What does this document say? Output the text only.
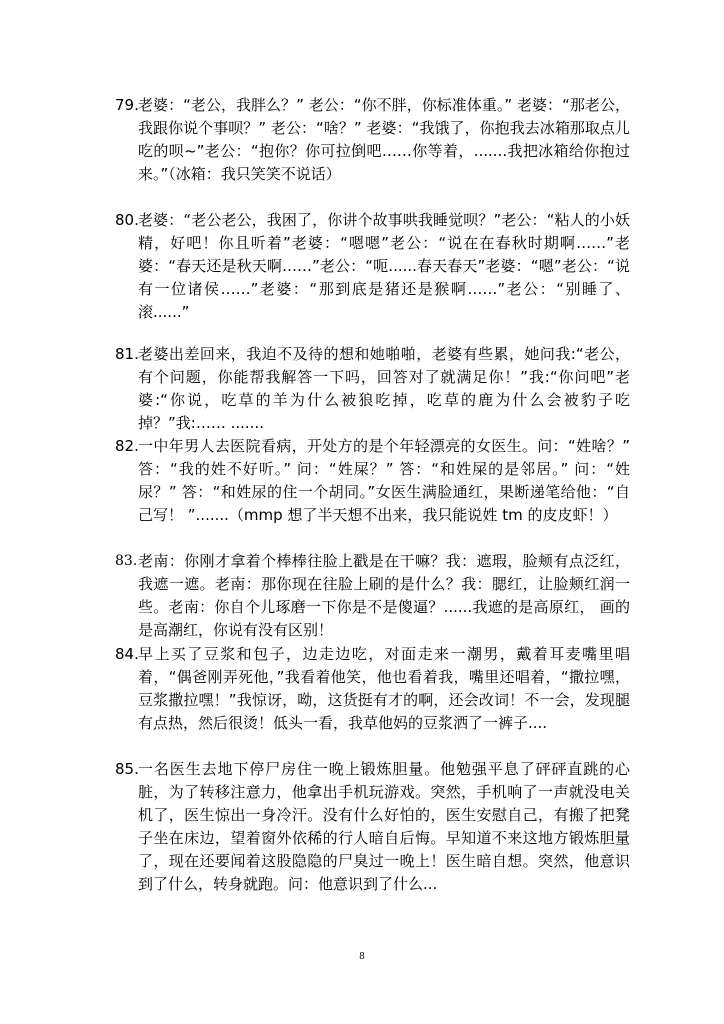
79. 老婆：“老公，我胖么？” 老公：“你不胖，你标准体重。” 老婆：“那老公，我跟你说个事呗？” 老公：“啥？” 老婆：“我饿了，你抱我去冰箱那取点儿吃的呗~”老公：“抱你？你可拉倒吧……你等着，.......我把冰箱给你抱过来。”（冰箱：我只笑笑不说话）
80. 老婆：“老公老公，我困了，你讲个故事哄我睡觉呗？”老公：“粘人的小妖精，好吧！你且听着”老婆：“嗯嗯”老公：“说在在春秋时期啊……”老婆：“春天还是秋天啊……”老公：“呃......春天春天”老婆：“嗯”老公：“说有一位诸侯……”老婆：“那到底是猪还是猴啊……”老公：“别睡了、滚......”
81. 老婆出差回来，我迫不及待的想和她啪啪，老婆有些累，她问我:“老公，有个问题，你能帮我解答一下吗，回答对了就满足你！”我:“你问吧”老婆:“你说，吃草的羊为什么被狼吃掉，吃草的鹿为什么会被豹子吃掉？”我:…… .......
82. 一中年男人去医院看病，开处方的是个年轻漂亮的女医生。问：“姓啥？” 答：“我的姓不好听。” 问：“姓屎？” 答：“和姓屎的是邻居。” 问：“姓尿？” 答：“和姓尿的住一个胡同。”女医生满脸通红，果断递笔给他：“自己写！ ”.......（mmp 想了半天想不出来，我只能说姓 tm 的皮皮虾！）
83. 老南：你刚才拿着个棒棒往脸上戳是在干嘛？我：遮瑕，脸颊有点泛红，我遮一遮。老南：那你现在往脸上刷的是什么？我：腮红，让脸颊红润一些。老南：你自个儿琢磨一下你是不是傻逼？......我遮的是高原红， 画的是高潮红，你说有没有区别！
84. 早上买了豆浆和包子，边走边吃，对面走来一潮男，戴着耳麦嘴里唱着，“偶爸刚弄死他，”我看着他笑，他也看着我，嘴里还唱着，“撒拉嘿，豆浆撒拉嘿！”我惊讶，呦，这货挺有才的啊，还会改词！不一会，发现腿有点热，然后很烫！低头一看，我草他妈的豆浆洒了一裤子....
85. 一名医生去地下停尸房住一晚上锻炼胆量。他勉强平息了砰砰直跳的心脏，为了转移注意力，他拿出手机玩游戏。突然，手机响了一声就没电关机了，医生惊出一身冷汗。没有什么好怕的，医生安慰自己，有搬了把凳子坐在床边，望着窗外依稀的行人暗自后悔。早知道不来这地方锻炼胆量了，现在还要闻着这股隐隐的尸臭过一晚上！医生暗自想。突然，他意识到了什么，转身就跑。问：他意识到了什么...
8
